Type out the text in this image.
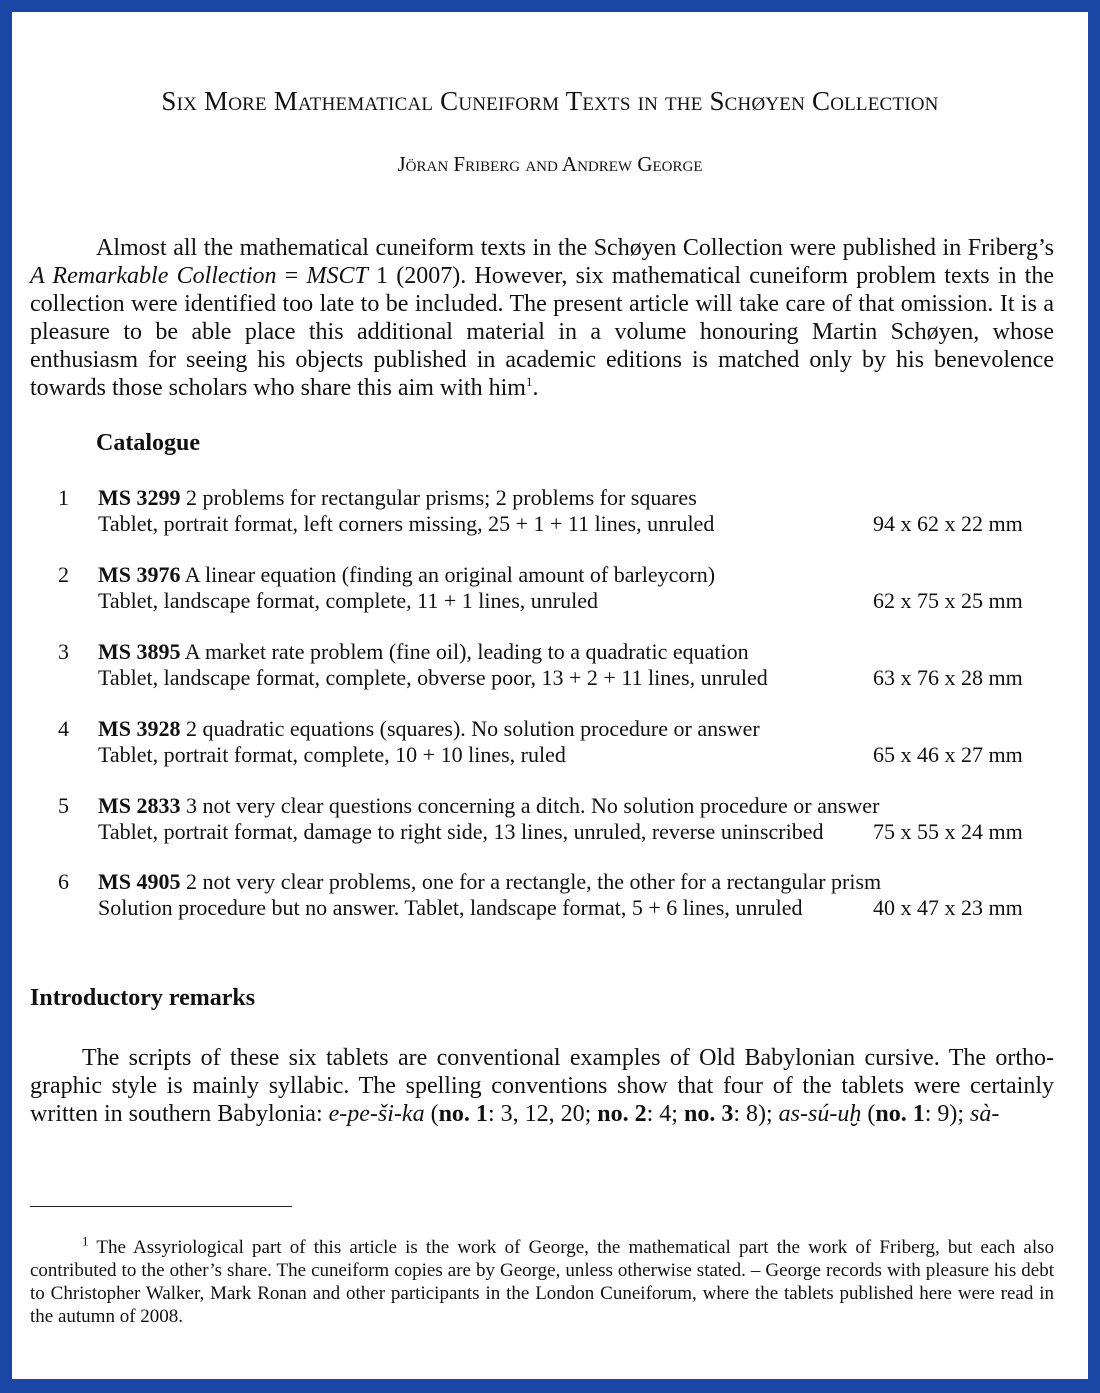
Six More Mathematical Cuneiform Texts in the Schøyen Collection
Jöran Friberg and Andrew George

Almost all the mathematical cuneiform texts in the Schøyen Collection were published in Friberg’s A Remarkable Collection = MSCT 1 (2007). However, six mathematical cuneiform problem texts in the collection were identified too late to be included. The present article will take care of that omission. It is a pleasure to be able place this additional material in a volume honouring Martin Schøyen, whose enthusiasm for seeing his objects published in academic editions is matched only by his benevolence towards those scholars who share this aim with him$^1$.

Catalogue
1 MS 3299 2 problems for rectangular prisms; 2 problems for squares
Tablet, portrait format, left corners missing, 25 + 1 + 11 lines, unruled	94 x 62 x 22 mm
2 MS 3976 A linear equation (finding an original amount of barleycorn)
Tablet, landscape format, complete, 11 + 1 lines, unruled	62 x 75 x 25 mm
3 MS 3895 A market rate problem (fine oil), leading to a quadratic equation
Tablet, landscape format, complete, obverse poor, 13 + 2 + 11 lines, unruled	63 x 76 x 28 mm
4 MS 3928 2 quadratic equations (squares). No solution procedure or answer
Tablet, portrait format, complete, 10 + 10 lines, ruled	65 x 46 x 27 mm
5 MS 2833 3 not very clear questions concerning a ditch. No solution procedure or answer
Tablet, portrait format, damage to right side, 13 lines, unruled, reverse uninscribed 75 x 55 x 24 mm
6 MS 4905 2 not very clear problems, one for a rectangle, the other for a rectangular prism
Solution procedure but no answer. Tablet, landscape format, 5 + 6 lines, unruled	40 x 47 x 23 mm
Introductory remarks

The scripts of these six tablets are conventional examples of Old Babylonian cursive. The orthographic style is mainly syllabic. The spelling conventions show that four of the tablets were certainly written in southern Babylonia: e-pe-ši-ka (no. 1: 3, 12, 20; no. 2: 4; no. 3: 8); as-sú-uḫ (no. 1: 9); sà-

$^1$ The Assyriological part of this article is the work of George, the mathematical part the work of Friberg, but each also contributed to the other’s share. The cuneiform copies are by George, unless otherwise stated. – George records with pleasure his debt to Christopher Walker, Mark Ronan and other participants in the London Cuneiforum, where the tablets published here were read in the autumn of 2008.
